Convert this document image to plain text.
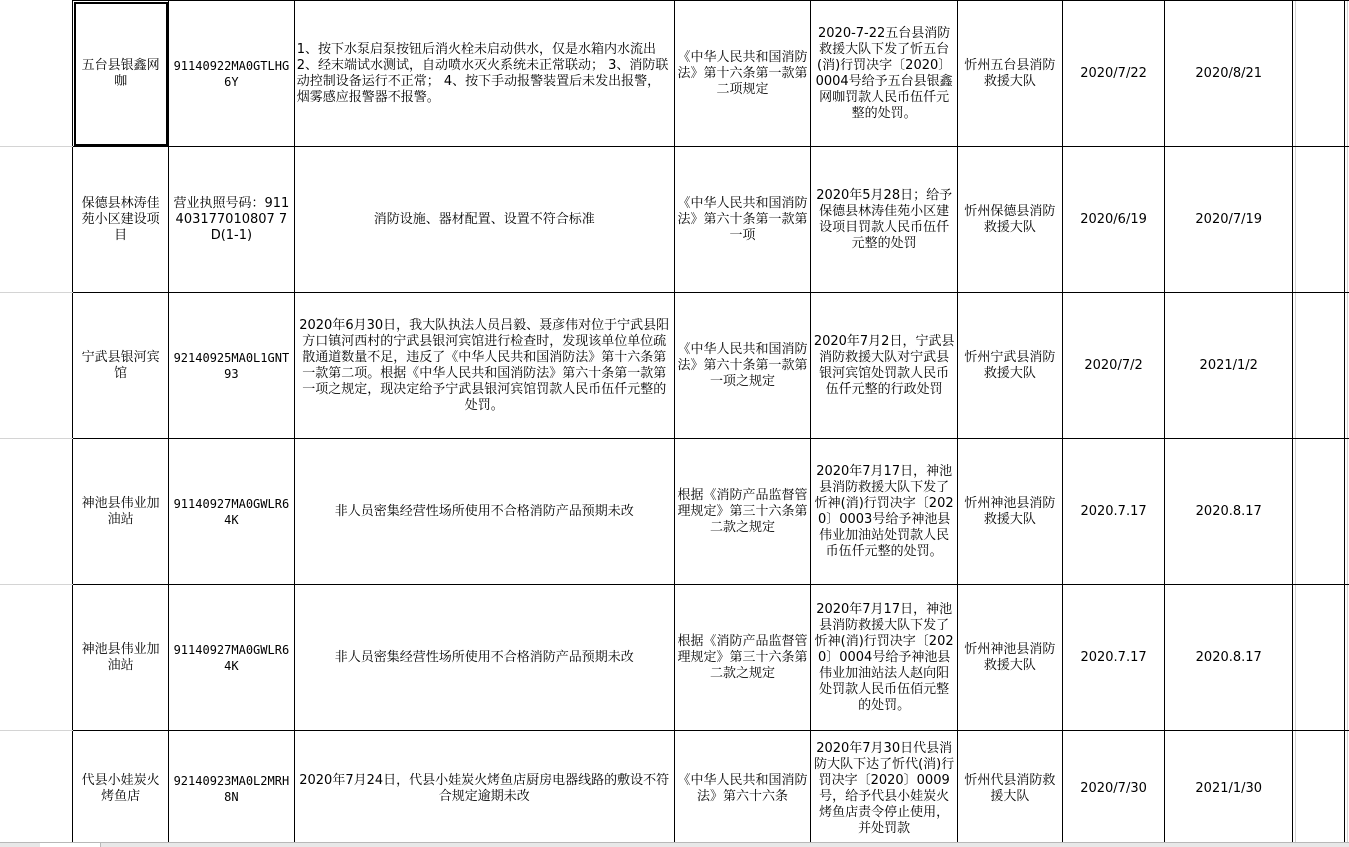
	五台县银鑫网咖	91140922MA0GTLHG6Y	1、按下水泵启泵按钮后消火栓未启动供水，仅是水箱内水流出 2、经末端试水测试，自动喷水灭火系统未正常联动； 3、消防联动控制设备运行不正常； 4、按下手动报警装置后未发出报警，烟雾感应报警器不报警。	《中华人民共和国消防法》第十六条第一款第二项规定	2020-7-22五台县消防救援大队下发了忻五台(消)行罚决字〔2020〕0004号给予五台县银鑫网咖罚款人民币伍仟元整的处罚。	忻州五台县消防救援大队	2020/7/22	2020/8/21		
	保德县林涛佳苑小区建设项目	营业执照号码：911403177010807 7D(1-1)	消防设施、器材配置、设置不符合标准	《中华人民共和国消防法》第六十条第一款第一项	2020年5月28日；给予保德县林涛佳苑小区建设项目罚款人民币伍仟元整的处罚	忻州保德县消防救援大队	2020/6/19	2020/7/19		
	宁武县银河宾馆	92140925MA0L1GNT93	2020年6月30日，我大队执法人员吕毅、聂彦伟对位于宁武县阳方口镇河西村的宁武县银河宾馆进行检查时，发现该单位单位疏散通道数量不足，违反了《中华人民共和国消防法》第十六条第一款第二项。根据《中华人民共和国消防法》第六十条第一款第一项之规定，现决定给予宁武县银河宾馆罚款人民币伍仟元整的处罚。	《中华人民共和国消防法》第六十条第一款第一项之规定	2020年7月2日，宁武县消防救援大队对宁武县银河宾馆处罚款人民币伍仟元整的行政处罚	忻州宁武县消防救援大队	2020/7/2	2021/1/2		
	神池县伟业加油站	91140927MA0GWLR64K	非人员密集经营性场所使用不合格消防产品预期未改	根据《消防产品监督管理规定》第三十六条第二款之规定	2020年7月17日，神池县消防救援大队下发了忻神(消)行罚决字〔2020〕0003号给予神池县伟业加油站处罚款人民币伍仟元整的处罚。	忻州神池县消防救援大队	2020.7.17	2020.8.17		
	神池县伟业加油站	91140927MA0GWLR64K	非人员密集经营性场所使用不合格消防产品预期未改	根据《消防产品监督管理规定》第三十六条第二款之规定	2020年7月17日，神池县消防救援大队下发了忻神(消)行罚决字〔2020〕0004号给予神池县伟业加油站法人赵向阳处罚款人民币伍佰元整的处罚。	忻州神池县消防救援大队	2020.7.17	2020.8.17		
	代县小娃炭火烤鱼店	92140923MA0L2MRH8N	2020年7月24日，代县小娃炭火烤鱼店厨房电器线路的敷设不符合规定逾期未改	《中华人民共和国消防法》第六十六条	2020年7月30日代县消防大队下达了忻代(消)行罚决字〔2020〕0009号，给予代县小娃炭火烤鱼店责令停止使用，并处罚款	忻州代县消防救援大队	2020/7/30	2021/1/30		
